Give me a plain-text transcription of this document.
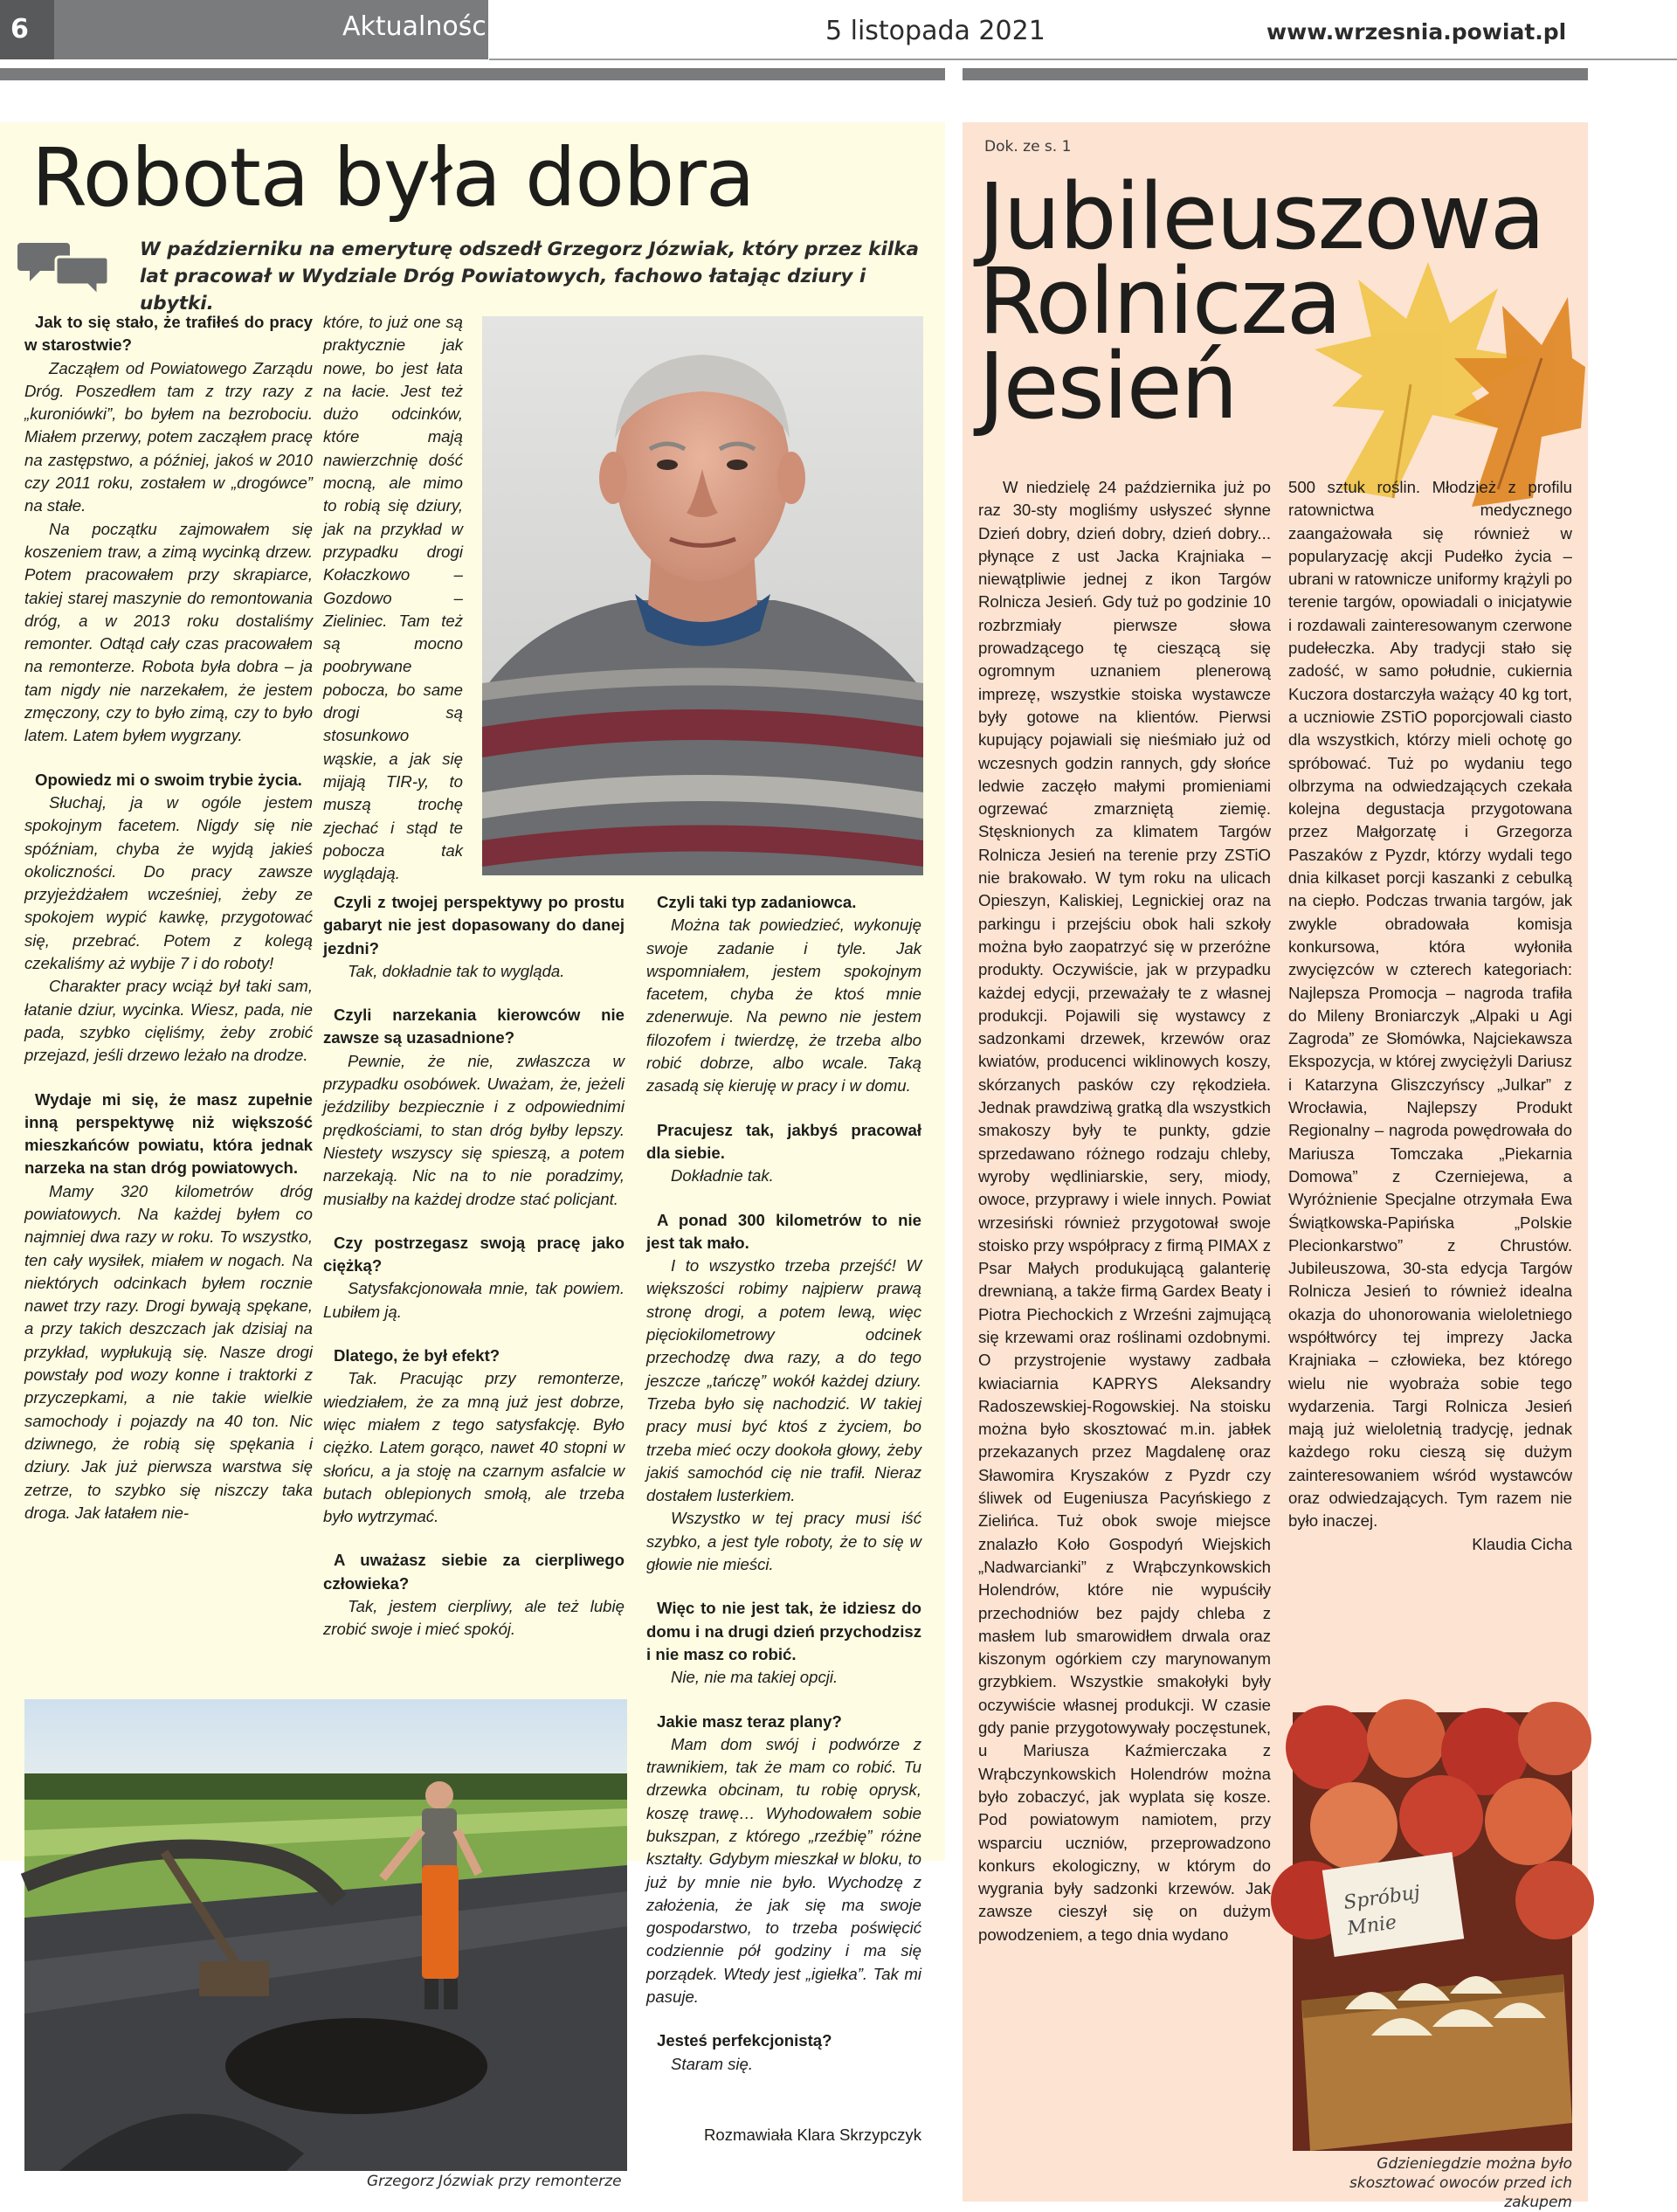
6	Aktualności	5 listopada 2021	www.wrzesnia.powiat.pl
Robota była dobra

W październiku na emeryturę odszedł Grzegorz Józwiak, który przez kilka lat pracował w Wydziale Dróg Powiatowych, fachowo łatając dziury i ubytki.

Jak to się stało, że trafiłeś do pracy w starostwie?

Zacząłem od Powiatowego Zarządu Dróg. Poszedłem tam z trzy razy z „kuroniówki”, bo byłem na bezrobociu. Miałem przerwy, potem zacząłem pracę na zastępstwo, a później, jakoś w 2010 czy 2011 roku, zostałem w „drogówce” na stałe.

Na początku zajmowałem się koszeniem traw, a zimą wycinką drzew. Potem pracowałem przy skrapiarce, takiej starej maszynie do remontowania dróg, a w 2013 roku dostaliśmy remonter. Odtąd cały czas pracowałem na remonterze. Robota była dobra – ja tam nigdy nie narzekałem, że jestem zmęczony, czy to było zimą, czy to było latem. Latem byłem wygrzany.

Opowiedz mi o swoim trybie życia.

Słuchaj, ja w ogóle jestem spokojnym facetem. Nigdy się nie spóźniam, chyba że wyjdą jakieś okoliczności. Do pracy zawsze przyjeżdżałem wcześniej, żeby ze spokojem wypić kawkę, przygotować się, przebrać. Potem z kolegą czekaliśmy aż wybije 7 i do roboty!

Charakter pracy wciąż był taki sam, łatanie dziur, wycinka. Wiesz, pada, nie pada, szybko cięliśmy, żeby zrobić przejazd, jeśli drzewo leżało na drodze.

Wydaje mi się, że masz zupełnie inną perspektywę niż większość mieszkańców powiatu, która jednak narzeka na stan dróg powiatowych.

Mamy 320 kilometrów dróg powiatowych. Na każdej byłem co najmniej dwa razy w roku. To wszystko, ten cały wysiłek, miałem w nogach. Na niektórych odcinkach byłem rocznie nawet trzy razy. Drogi bywają spękane, a przy takich deszczach jak dzisiaj na przykład, wypłukują się. Nasze drogi powstały pod wozy konne i traktorki z przyczepkami, a nie takie wielkie samochody i pojazdy na 40 ton. Nic dziwnego, że robią się spękania i dziury. Jak już pierwsza warstwa się zetrze, to szybko się niszczy taka droga. Jak łatałem nie-

które, to już one są praktycznie jak nowe, bo jest łata na łacie. Jest też dużo odcinków, które mają nawierzchnię dość mocną, ale mimo to robią się dziury, jak na przykład w przypadku drogi Kołaczkowo – Gozdowo – Zieliniec. Tam też są mocno poobrywane pobocza, bo same drogi są stosunkowo wąskie, a jak się mijają TIR-y, to muszą trochę zjechać i stąd te pobocza tak wyglądają.

Czyli z twojej perspektywy po prostu gabaryt nie jest dopasowany do danej jezdni?

Tak, dokładnie tak to wygląda.

Czyli narzekania kierowców nie zawsze są uzasadnione?

Pewnie, że nie, zwłaszcza w przypadku osobówek. Uważam, że, jeżeli jeździliby bezpiecznie i z odpowiednimi prędkościami, to stan dróg byłby lepszy. Niestety wszyscy się spieszą, a potem narzekają. Nic na to nie poradzimy, musiałby na każdej drodze stać policjant.

Czy postrzegasz swoją pracę jako ciężką?

Satysfakcjonowała mnie, tak powiem. Lubiłem ją.

Dlatego, że był efekt?

Tak. Pracując przy remonterze, wiedziałem, że za mną już jest dobrze, więc miałem z tego satysfakcję. Było ciężko. Latem gorąco, nawet 40 stopni w słońcu, a ja stoję na czarnym asfalcie w butach oblepionych smołą, ale trzeba było wytrzymać.

A uważasz siebie za cierpliwego człowieka?

Tak, jestem cierpliwy, ale też lubię zrobić swoje i mieć spokój.

Czyli taki typ zadaniowca.

Można tak powiedzieć, wykonuję swoje zadanie i tyle. Jak wspomniałem, jestem spokojnym facetem, chyba że ktoś mnie zdenerwuje. Na pewno nie jestem filozofem i twierdzę, że trzeba albo robić dobrze, albo wcale. Taką zasadą się kieruję w pracy i w domu.

Pracujesz tak, jakbyś pracował dla siebie.

Dokładnie tak.

A ponad 300 kilometrów to nie jest tak mało.

I to wszystko trzeba przejść! W większości robimy najpierw prawą stronę drogi, a potem lewą, więc pięciokilometrowy odcinek przechodzę dwa razy, a do tego jeszcze „tańczę” wokół każdej dziury. Trzeba było się nachodzić. W takiej pracy musi być ktoś z życiem, bo trzeba mieć oczy dookoła głowy, żeby jakiś samochód cię nie trafił. Nieraz dostałem lusterkiem.

Wszystko w tej pracy musi iść szybko, a jest tyle roboty, że to się w głowie nie mieści.

Więc to nie jest tak, że idziesz do domu i na drugi dzień przychodzisz i nie masz co robić.

Nie, nie ma takiej opcji.

Jakie masz teraz plany?

Mam dom swój i podwórze z trawnikiem, tak że mam co robić. Tu drzewka obcinam, tu robię oprysk, koszę trawę… Wyhodowałem sobie bukszpan, z którego „rzeźbię” różne kształty. Gdybym mieszkał w bloku, to już by mnie nie było. Wychodzę z założenia, że jak się ma swoje gospodarstwo, to trzeba poświęcić codziennie pół godziny i ma się porządek. Wtedy jest „igiełka”. Tak mi pasuje.

Jesteś perfekcjonistą?

Staram się.

Rozmawiała Klara Skrzypczyk

Grzegorz Józwiak przy remonterze
Dok. ze s. 1
Jubileuszowa
Rolnicza
Jesień

W niedzielę 24 października już po raz 30-sty mogliśmy usłyszeć słynne Dzień dobry, dzień dobry, dzień dobry... płynące z ust Jacka Krajniaka – niewątpliwie jednej z ikon Targów Rolnicza Jesień. Gdy tuż po godzinie 10 rozbrzmiały pierwsze słowa prowadzącego tę cieszącą się ogromnym uznaniem plenerową imprezę, wszystkie stoiska wystawcze były gotowe na klientów. Pierwsi kupujący pojawiali się nieśmiało już od wczesnych godzin rannych, gdy słońce ledwie zaczęło małymi promieniami ogrzewać zmarzniętą ziemię. Stęsknionych za klimatem Targów Rolnicza Jesień na terenie przy ZSTiO nie brakowało. W tym roku na ulicach Opieszyn, Kaliskiej, Legnickiej oraz na parkingu i przejściu obok hali szkoły można było zaopatrzyć się w przeróżne produkty. Oczywiście, jak w przypadku każdej edycji, przeważały te z własnej produkcji. Pojawili się wystawcy z sadzonkami drzewek, krzewów oraz kwiatów, producenci wiklinowych koszy, skórzanych pasków czy rękodzieła. Jednak prawdziwą gratką dla wszystkich smakoszy były te punkty, gdzie sprzedawano różnego rodzaju chleby, wyroby wędliniarskie, sery, miody, owoce, przyprawy i wiele innych. Powiat wrzesiński również przygotował swoje stoisko przy współpracy z firmą PIMAX z Psar Małych produkującą galanterię drewnianą, a także firmą Gardex Beaty i Piotra Piechockich z Wrześni zajmującą się krzewami oraz roślinami ozdobnymi. O przystrojenie wystawy zadbała kwiaciarnia KAPRYS Aleksandry Radoszewskiej-Rogowskiej. Na stoisku można było skosztować m.in. jabłek przekazanych przez Magdalenę oraz Sławomira Kryszaków z Pyzdr czy śliwek od Eugeniusza Pacyńskiego z Zielińca. Tuż obok swoje miejsce znalazło Koło Gospodyń Wiejskich „Nadwarcianki” z Wrąbczynkowskich Holendrów, które nie wypuściły przechodniów bez pajdy chleba z masłem lub smarowidłem drwala oraz kiszonym ogórkiem czy marynowanym grzybkiem. Wszystkie smakołyki były oczywiście własnej produkcji. W czasie gdy panie przygotowywały poczęstunek, u Mariusza Kaźmierczaka z Wrąbczynkowskich Holendrów można było zobaczyć, jak wyplata się kosze. Pod powiatowym namiotem, przy wsparciu uczniów, przeprowadzono konkurs ekologiczny, w którym do wygrania były sadzonki krzewów. Jak zawsze cieszył się on dużym powodzeniem, a tego dnia wydano

500 sztuk roślin. Młodzież z profilu ratownictwa medycznego zaangażowała się również w popularyzację akcji Pudełko życia – ubrani w ratownicze uniformy krążyli po terenie targów, opowiadali o inicjatywie i rozdawali zainteresowanym czerwone pudełeczka. Aby tradycji stało się zadość, w samo południe, cukiernia Kuczora dostarczyła ważący 40 kg tort, a uczniowie ZSTiO poporcjowali ciasto dla wszystkich, którzy mieli ochotę go spróbować. Tuż po wydaniu tego olbrzyma na odwiedzających czekała kolejna degustacja przygotowana przez Małgorzatę i Grzegorza Paszaków z Pyzdr, którzy wydali tego dnia kilkaset porcji kaszanki z cebulką na ciepło. Podczas trwania targów, jak zwykle obradowała komisja konkursowa, która wyłoniła zwycięzców w czterech kategoriach: Najlepsza Promocja – nagroda trafiła do Mileny Broniarczyk „Alpaki u Agi Zagroda” ze Słomówka, Najciekawsza Ekspozycja, w której zwyciężyli Dariusz i Katarzyna Gliszczyńscy „Julkar” z Wrocławia, Najlepszy Produkt Regionalny – nagroda powędrowała do Mariusza Tomczaka „Piekarnia Domowa” z Czerniejewa, a Wyróżnienie Specjalne otrzymała Ewa Świątkowska-Papińska „Polskie Plecionkarstwo” z Chrustów. Jubileuszowa, 30-sta edycja Targów Rolnicza Jesień to również idealna okazja do uhonorowania wieloletniego współtwórcy tej imprezy Jacka Krajniaka – człowieka, bez którego wielu nie wyobraża sobie tego wydarzenia. Targi Rolnicza Jesień mają już wieloletnią tradycję, jednak każdego roku cieszą się dużym zainteresowaniem wśród wystawców oraz odwiedzających. Tym razem nie było inaczej.

Klaudia Cicha

Spróbuj Mnie
Gdzieniegdzie można było skosztować owoców przed ich zakupem
